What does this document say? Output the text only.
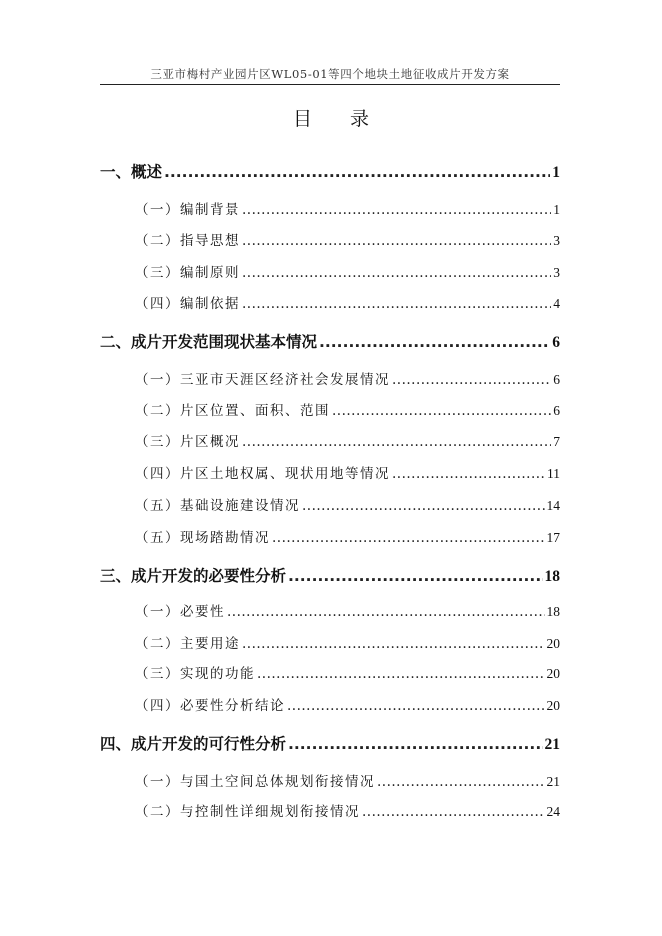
三亚市梅村产业园片区WL05-01等四个地块土地征收成片开发方案
目 录
一、概述 .....	1
（一）编制背景 .....	1
（二）指导思想 .....	3
（三）编制原则 .....	3
（四）编制依据 .....	4
二、成片开发范围现状基本情况 .....	6
（一）三亚市天涯区经济社会发展情况 .....	6
（二）片区位置、面积、范围 .....	6
（三）片区概况 .....	7
（四）片区土地权属、现状用地等情况 .....	11
（五）基础设施建设情况 .....	14
（五）现场踏勘情况 .....	17
三、成片开发的必要性分析 .....	18
（一）必要性 .....	18
（二）主要用途 .....	20
（三）实现的功能 .....	20
（四）必要性分析结论 .....	20
四、成片开发的可行性分析 .....	21
（一）与国土空间总体规划衔接情况 .....	21
（二）与控制性详细规划衔接情况 .....	24
